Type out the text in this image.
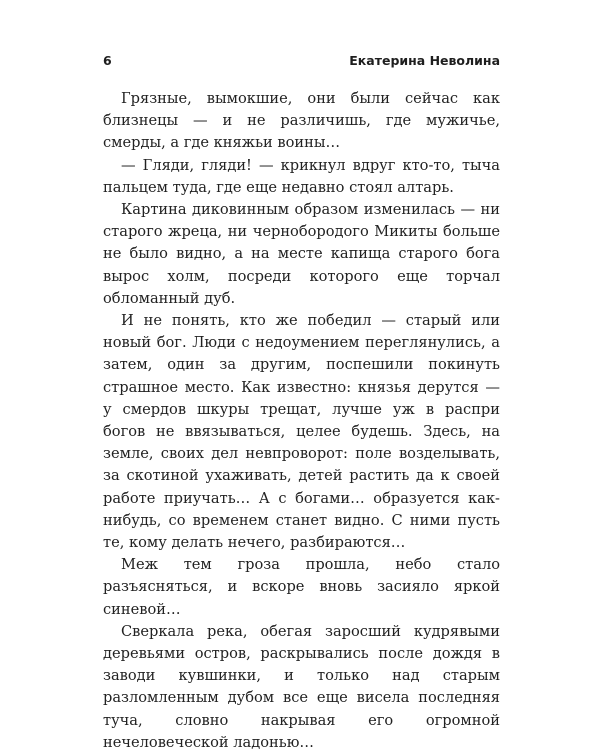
6	Екатерина Неволина

Грязные, вымокшие, они были сейчас как близнецы — и не различишь, где мужичье, смерды, а где княжьи воины…

— Гляди, гляди! — крикнул вдруг кто-то, тыча пальцем туда, где еще недавно стоял алтарь.

Картина диковинным образом изменилась — ни старого жреца, ни чернобородого Микиты больше не было видно, а на месте капища старого бога вырос холм, посреди которого еще торчал обломанный дуб.

И не понять, кто же победил — старый или новый бог. Люди с недоумением переглянулись, а затем, один за другим, поспешили покинуть страшное место. Как известно: князья дерутся — у смердов шкуры трещат, лучше уж в распри богов не ввязываться, целее будешь. Здесь, на земле, своих дел невпроворот: поле возделывать, за скотиной ухаживать, детей растить да к своей работе приучать… А с богами… образуется как-нибудь, со временем станет видно. С ними пусть те, кому делать нечего, разбираются…

Меж тем гроза прошла, небо стало разъясняться, и вскоре вновь засияло яркой синевой…

Сверкала река, обегая заросший кудрявыми деревьями остров, раскрывались после дождя в заводи кувшинки, и только над старым разломленным дубом все еще висела последняя туча, словно накрывая его огромной нечеловеческой ладонью…
